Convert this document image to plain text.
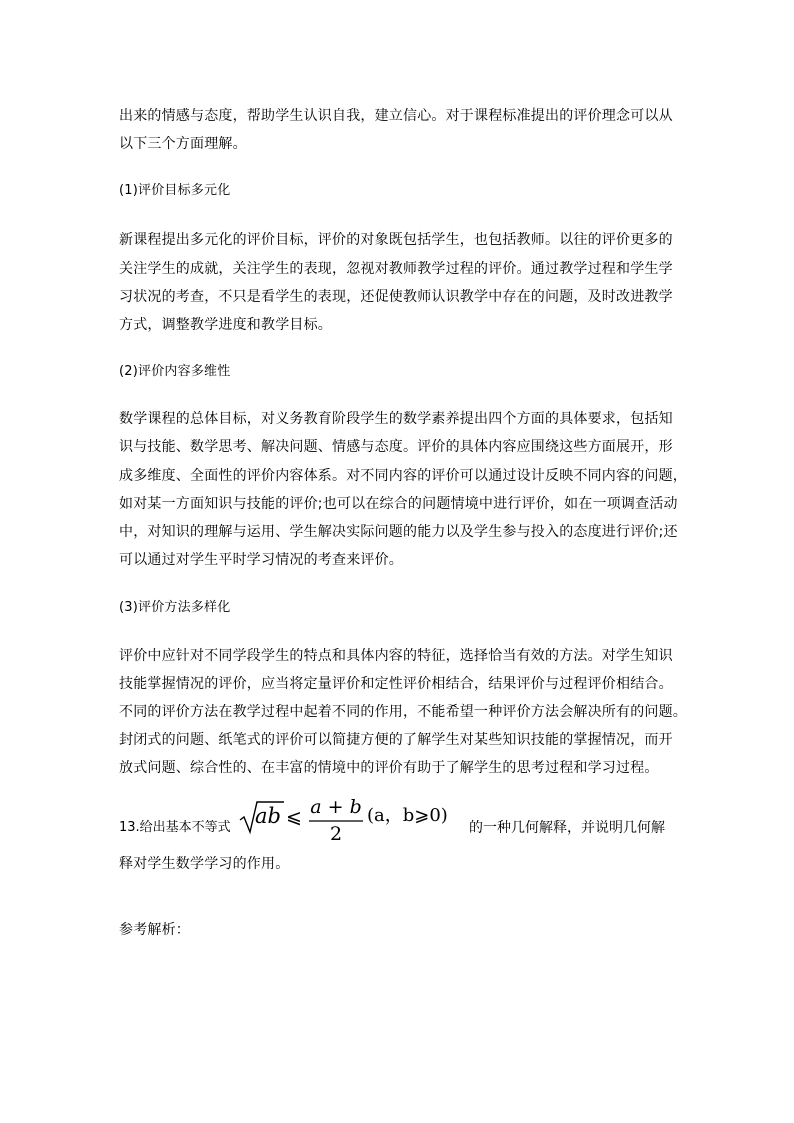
出来的情感与态度，帮助学生认识自我，建立信心。对于课程标准提出的评价理念可以从
以下三个方面理解。
(1)评价目标多元化
新课程提出多元化的评价目标，评价的对象既包括学生，也包括教师。以往的评价更多的
关注学生的成就，关注学生的表现，忽视对教师教学过程的评价。通过教学过程和学生学
习状况的考查，不只是看学生的表现，还促使教师认识教学中存在的问题，及时改进教学
方式，调整教学进度和教学目标。
(2)评价内容多维性
数学课程的总体目标，对义务教育阶段学生的数学素养提出四个方面的具体要求，包括知
识与技能、数学思考、解决问题、情感与态度。评价的具体内容应围绕这些方面展开，形
成多维度、全面性的评价内容体系。对不同内容的评价可以通过设计反映不同内容的问题，
如对某一方面知识与技能的评价;也可以在综合的问题情境中进行评价，如在一项调查活动
中，对知识的理解与运用、学生解决实际问题的能力以及学生参与投入的态度进行评价;还
可以通过对学生平时学习情况的考查来评价。
(3)评价方法多样化
评价中应针对不同学段学生的特点和具体内容的特征，选择恰当有效的方法。对学生知识
技能掌握情况的评价，应当将定量评价和定性评价相结合，结果评价与过程评价相结合。
不同的评价方法在教学过程中起着不同的作用，不能希望一种评价方法会解决所有的问题。
封闭式的问题、纸笔式的评价可以简捷方便的了解学生对某些知识技能的掌握情况，而开
放式问题、综合性的、在丰富的情境中的评价有助于了解学生的思考过程和学习过程。
13.给出基本不等式 ab ⩽ a + b
2
(a，b⩾0)
的一种几何解释，并说明几何解
释对学生数学学习的作用。
参考解析：
